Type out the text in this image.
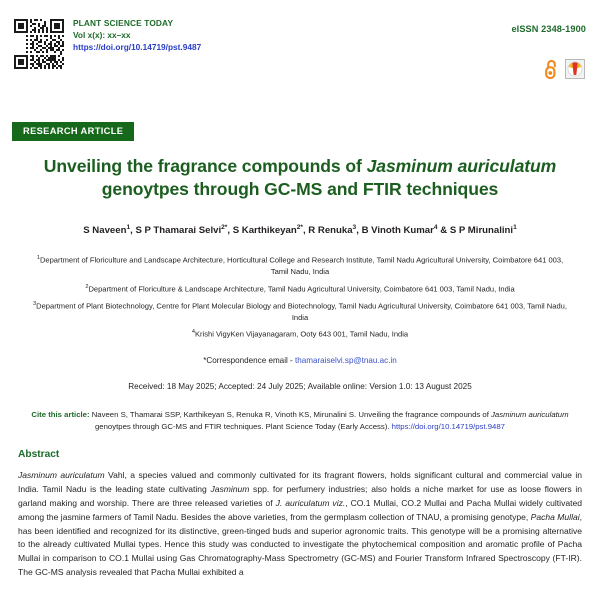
PLANT SCIENCE TODAY
Vol x(x): xx–xx
https://doi.org/10.14719/pst.9487
eISSN 2348-1900
RESEARCH ARTICLE
Unveiling the fragrance compounds of Jasminum auriculatum genoytpes through GC-MS and FTIR techniques
S Naveen$^1$, S P Thamarai Selvi$^{2*}$, S Karthikeyan$^{2*}$, R Renuka$^3$, B Vinoth Kumar$^4$ & S P Mirunalini$^1$
$^1$Department of Floriculture and Landscape Architecture, Horticultural College and Research Institute, Tamil Nadu Agricultural University, Coimbatore 641 003, Tamil Nadu, India
$^2$Department of Floriculture & Landscape Architecture, Tamil Nadu Agricultural University, Coimbatore 641 003, Tamil Nadu, India
$^3$Department of Plant Biotechnology, Centre for Plant Molecular Biology and Biotechnology, Tamil Nadu Agricultural University, Coimbatore 641 003, Tamil Nadu, India
$^4$Krishi VigyKen Vijayanagaram, Ooty 643 001, Tamil Nadu, India
*Correspondence email - thamaraiselvi.sp@tnau.ac.in
Received: 18 May 2025; Accepted: 24 July 2025; Available online: Version 1.0: 13 August 2025
Cite this article: Naveen S, Thamarai SSP, Karthikeyan S, Renuka R, Vinoth KS, Mirunalini S. Unveiling the fragrance compounds of Jasminum auriculatum genoytpes through GC-MS and FTIR techniques. Plant Science Today (Early Access). https://doi.org/10.14719/pst.9487
Abstract
Jasminum auriculatum Vahl, a species valued and commonly cultivated for its fragrant flowers, holds significant cultural and commercial value in India. Tamil Nadu is the leading state cultivating Jasminum spp. for perfumery industries; also holds a niche market for use as loose flowers in garland making and worship. There are three released varieties of J. auriculatum viz., CO.1 Mullai, CO.2 Mullai and Pacha Mullai widely cultivated among the jasmine farmers of Tamil Nadu. Besides the above varieties, from the germplasm collection of TNAU, a promising genotype, Pacha Mullai, has been identified and recognized for its distinctive, green-tinged buds and superior agronomic traits. This genotype will be a promising alternative to the already cultivated Mullai types. Hence this study was conducted to investigate the phytochemical composition and aromatic profile of Pacha Mullai in comparison to CO.1 Mullai using Gas Chromatography-Mass Spectrometry (GC-MS) and Fourier Transform Infrared Spectroscopy (FT-IR). The GC-MS analysis revealed that Pacha Mullai exhibited a
